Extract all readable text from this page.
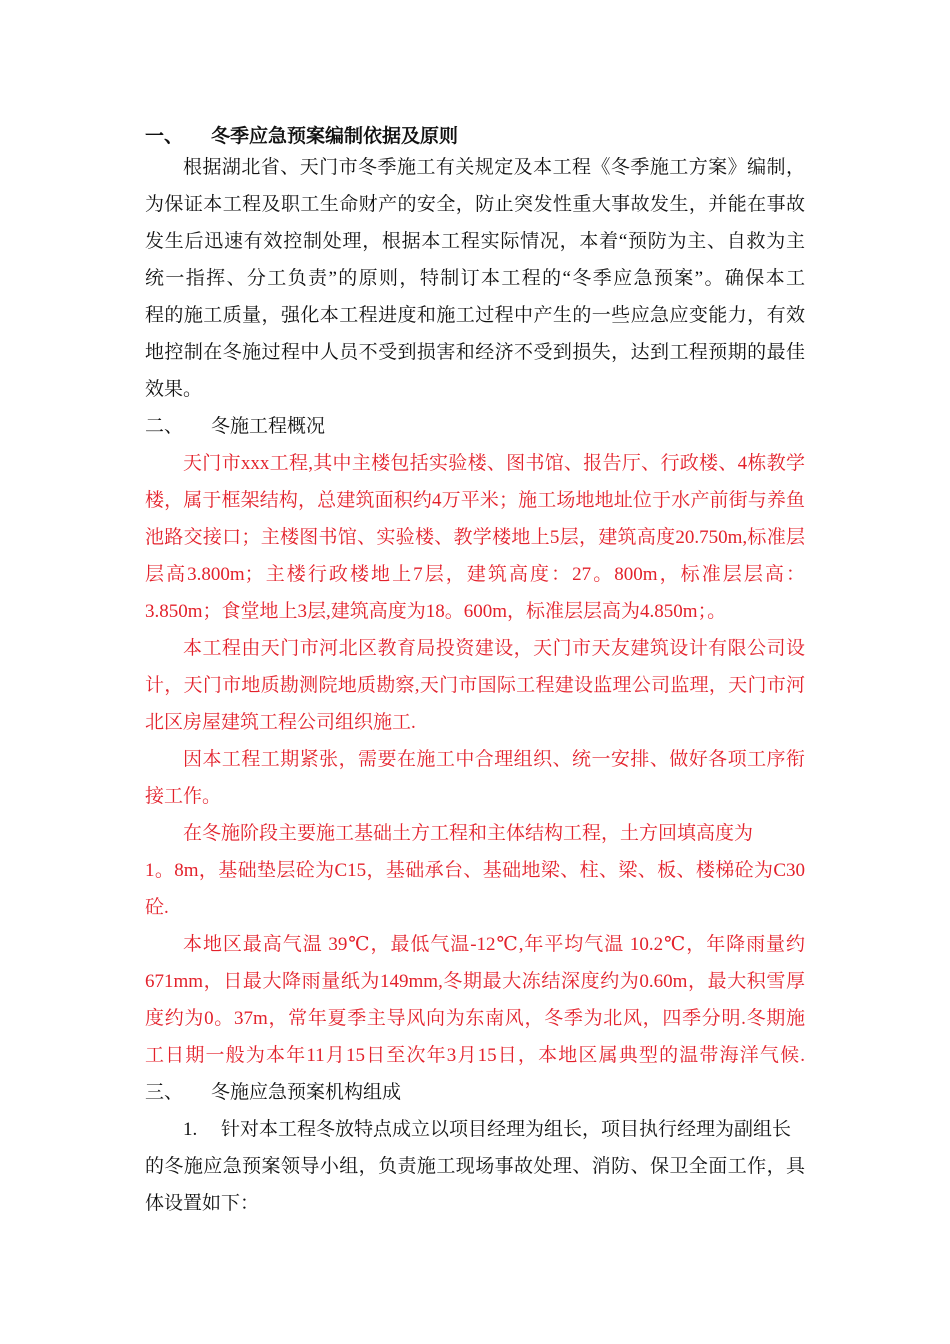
一、 冬季应急预案编制依据及原则
根据湖北省、天门市冬季施工有关规定及本工程《冬季施工方案》编制，
为保证本工程及职工生命财产的安全，防止突发性重大事故发生，并能在事故
发生后迅速有效控制处理，根据本工程实际情况，本着“预防为主、自救为主
统一指挥、分工负责”的原则，特制订本工程的“冬季应急预案”。确保本工
程的施工质量，强化本工程进度和施工过程中产生的一些应急应变能力，有效
地控制在冬施过程中人员不受到损害和经济不受到损失，达到工程预期的最佳
效果。
二、 冬施工程概况
天门市xxx工程,其中主楼包括实验楼、图书馆、报告厅、行政楼、4栋教学
楼，属于框架结构，总建筑面积约4万平米；施工场地地址位于水产前街与养鱼
池路交接口；主楼图书馆、实验楼、教学楼地上5层，建筑高度20.750m,标准层
层高3.800m；主楼行政楼地上7层，建筑高度：27。800m，标准层层高：
3.850m；食堂地上3层,建筑高度为18。600m，标准层层高为4.850m；。
本工程由天门市河北区教育局投资建设，天门市天友建筑设计有限公司设
计，天门市地质勘测院地质勘察,天门市国际工程建设监理公司监理，天门市河
北区房屋建筑工程公司组织施工.
因本工程工期紧张，需要在施工中合理组织、统一安排、做好各项工序衔
接工作。
在冬施阶段主要施工基础土方工程和主体结构工程，土方回填高度为
1。8m，基础垫层砼为C15，基础承台、基础地梁、柱、梁、板、楼梯砼为C30
砼.
本地区最高气温 39℃，最低气温-12℃,年平均气温 10.2℃，年降雨量约
671mm，日最大降雨量纸为149mm,冬期最大冻结深度约为0.60m，最大积雪厚
度约为0。37m，常年夏季主导风向为东南风，冬季为北风，四季分明.冬期施
工日期一般为本年11月15日至次年3月15日，本地区属典型的温带海洋气候.
三、 冬施应急预案机构组成
1. 针对本工程冬放特点成立以项目经理为组长，项目执行经理为副组长
的冬施应急预案领导小组，负责施工现场事故处理、消防、保卫全面工作，具
体设置如下：
